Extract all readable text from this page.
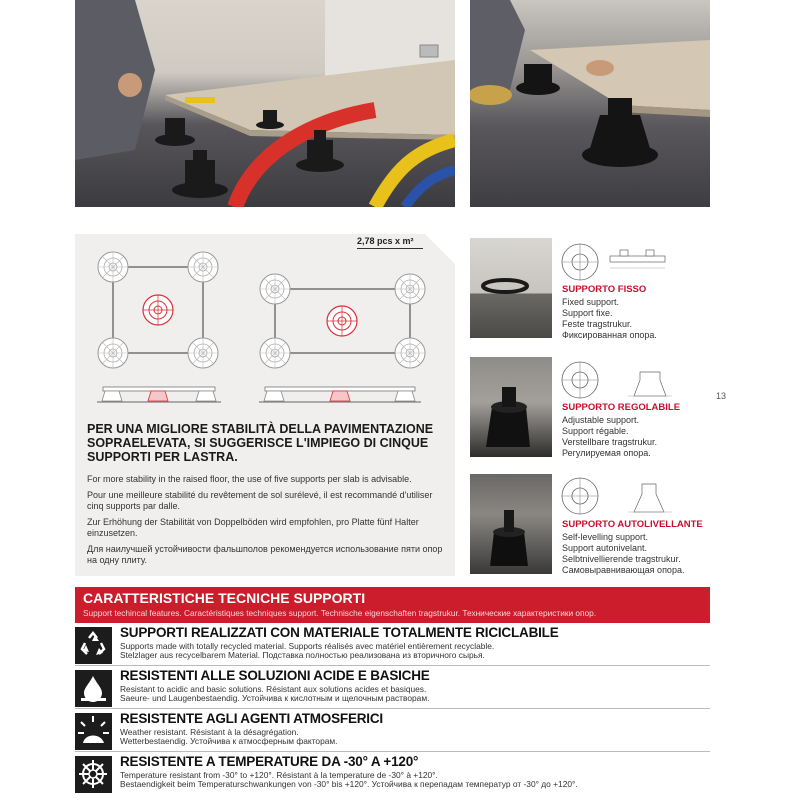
2,78 pcs x m²
PER UNA MIGLIORE STABILITÀ DELLA PAVIMENTAZIONE SOPRAELEVATA, SI SUGGERISCE L'IMPIEGO DI CINQUE SUPPORTI PER LASTRA.

For more stability in the raised floor, the use of five supports per slab is advisable.

Pour une meilleure stabilité du revêtement de sol surélevé, il est recommandé d'utiliser cinq supports par dalle.

Zur Erhöhung der Stabilität von Doppelböden wird empfohlen, pro Platte fünf Halter einzusetzen.

Для наилучшей устойчивости фальшполов рекомендуется использование пяти опор на одну плиту.

SUPPORTO FISSO
Fixed support.
Support fixe.
Feste tragstrukur.
Фиксированная опора.
SUPPORTO REGOLABILE
Adjustable support.
Support régable.
Verstellbare tragstrukur.
Регулируемая опора.
SUPPORTO AUTOLIVELLANTE
Self-levelling support.
Support autonivelant.
Selbtnivellierende tragstrukur.
Самовыравнивающая опора.
13
CARATTERISTICHE TECNICHE SUPPORTI
Support techincal features. Caractéristiques techniques support. Technische eigenschaften tragstrukur. Технические характеристики опор.
SUPPORTI REALIZZATI CON MATERIALE TOTALMENTE RICICLABILE
Supports made with totally recycled material. Supports réalisés avec matériel entièrement recyclable.
Stelzlager aus recycelbarem Material. Подставка полностью реализована из вторичного сырья.
RESISTENTI ALLE SOLUZIONI ACIDE E BASICHE
Resistant to acidic and basic solutions. Résistant aux solutions acides et basiques.
Saeure- und Laugenbestaendig. Устойчива к кислотным и щелочным растворам.
RESISTENTE AGLI AGENTI ATMOSFERICI
Weather resistant. Résistant à la désagrégation.
Wetterbestaendig. Устойчива к атмосферным факторам.
RESISTENTE A TEMPERATURE DA -30° A +120°
Temperature resistant from -30° to +120°. Résistant à la temperature de -30° à +120°.
Bestaendigkeit beim Temperaturschwankungen von -30° bis +120°. Устойчива к перепадам температур от -30° до +120°.
